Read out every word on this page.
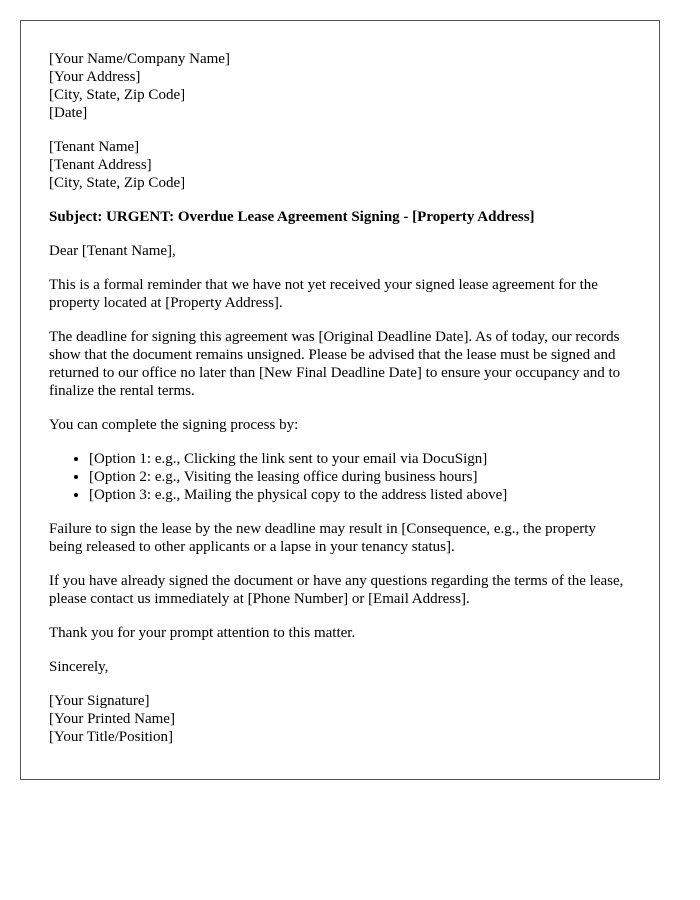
[Your Name/Company Name]
[Your Address]
[City, State, Zip Code]
[Date]
[Tenant Name]
[Tenant Address]
[City, State, Zip Code]

Subject: URGENT: Overdue Lease Agreement Signing - [Property Address]

Dear [Tenant Name],

This is a formal reminder that we have not yet received your signed lease agreement for the property located at [Property Address].

The deadline for signing this agreement was [Original Deadline Date]. As of today, our records show that the document remains unsigned. Please be advised that the lease must be signed and returned to our office no later than [New Final Deadline Date] to ensure your occupancy and to finalize the rental terms.

You can complete the signing process by:

• [Option 1: e.g., Clicking the link sent to your email via DocuSign]
• [Option 2: e.g., Visiting the leasing office during business hours]
• [Option 3: e.g., Mailing the physical copy to the address listed above]

Failure to sign the lease by the new deadline may result in [Consequence, e.g., the property being released to other applicants or a lapse in your tenancy status].

If you have already signed the document or have any questions regarding the terms of the lease, please contact us immediately at [Phone Number] or [Email Address].

Thank you for your prompt attention to this matter.

Sincerely,

[Your Signature]
[Your Printed Name]
[Your Title/Position]
